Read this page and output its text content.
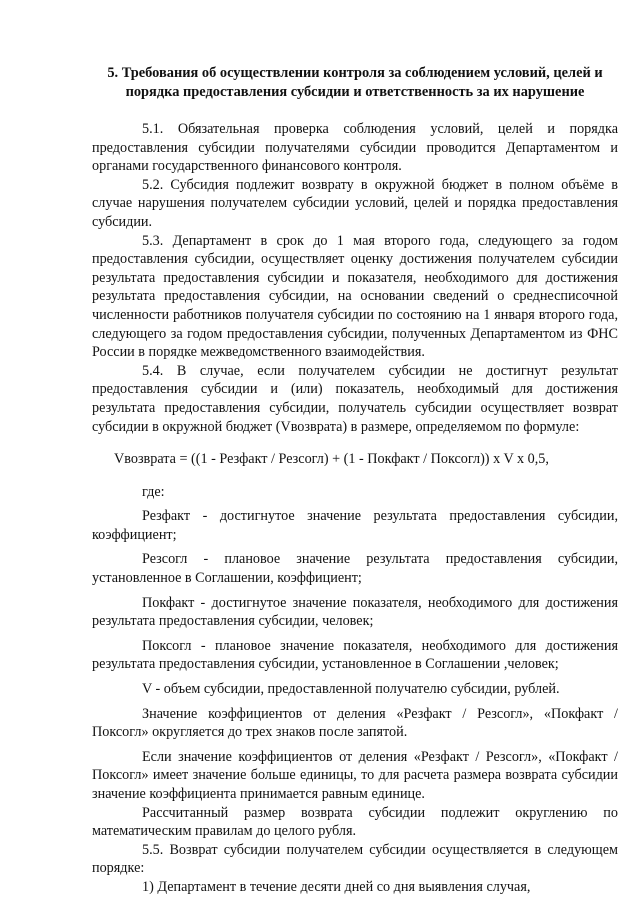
5. Требования об осуществлении контроля за соблюдением условий, целей и порядка предоставления субсидии и ответственность за их нарушение

5.1. Обязательная проверка соблюдения условий, целей и порядка предоставления субсидии получателями субсидии проводится Департаментом и органами государственного финансового контроля.

5.2. Субсидия подлежит возврату в окружной бюджет в полном объёме в случае нарушения получателем субсидии условий, целей и порядка предоставления субсидии.

5.3. Департамент в срок до 1 мая второго года, следующего за годом предоставления субсидии, осуществляет оценку достижения получателем субсидии результата предоставления субсидии и показателя, необходимого для достижения результата предоставления субсидии, на основании сведений о среднесписочной численности работников получателя субсидии по состоянию на 1 января второго года, следующего за годом предоставления субсидии, полученных Департаментом из ФНС России в порядке межведомственного взаимодействия.

5.4. В случае, если получателем субсидии не достигнут результат предоставления субсидии и (или) показатель, необходимый для достижения результата предоставления субсидии, получатель субсидии осуществляет возврат субсидии в окружной бюджет (Vвозврата) в размере, определяемом по формуле:

Vвозврата = ((1 - Резфакт / Резсогл) + (1 - Покфакт / Поксогл)) x V x 0,5,

где:

Резфакт - достигнутое значение результата предоставления субсидии, коэффициент;

Резсогл - плановое значение результата предоставления субсидии, установленное в Соглашении, коэффициент;

Покфакт - достигнутое значение показателя, необходимого для достижения результата предоставления субсидии, человек;

Поксогл - плановое значение показателя, необходимого для достижения результата предоставления субсидии, установленное в Соглашении ,человек;

V - объем субсидии, предоставленной получателю субсидии, рублей.

Значение коэффициентов от деления «Резфакт / Резсогл», «Покфакт / Поксогл» округляется до трех знаков после запятой.

Если значение коэффициентов от деления «Резфакт / Резсогл», «Покфакт / Поксогл» имеет значение больше единицы, то для расчета размера возврата субсидии значение коэффициента принимается равным единице.

Рассчитанный размер возврата субсидии подлежит округлению по математическим правилам до целого рубля.

5.5. Возврат субсидии получателем субсидии осуществляется в следующем порядке:

1) Департамент в течение десяти дней со дня выявления случая,
